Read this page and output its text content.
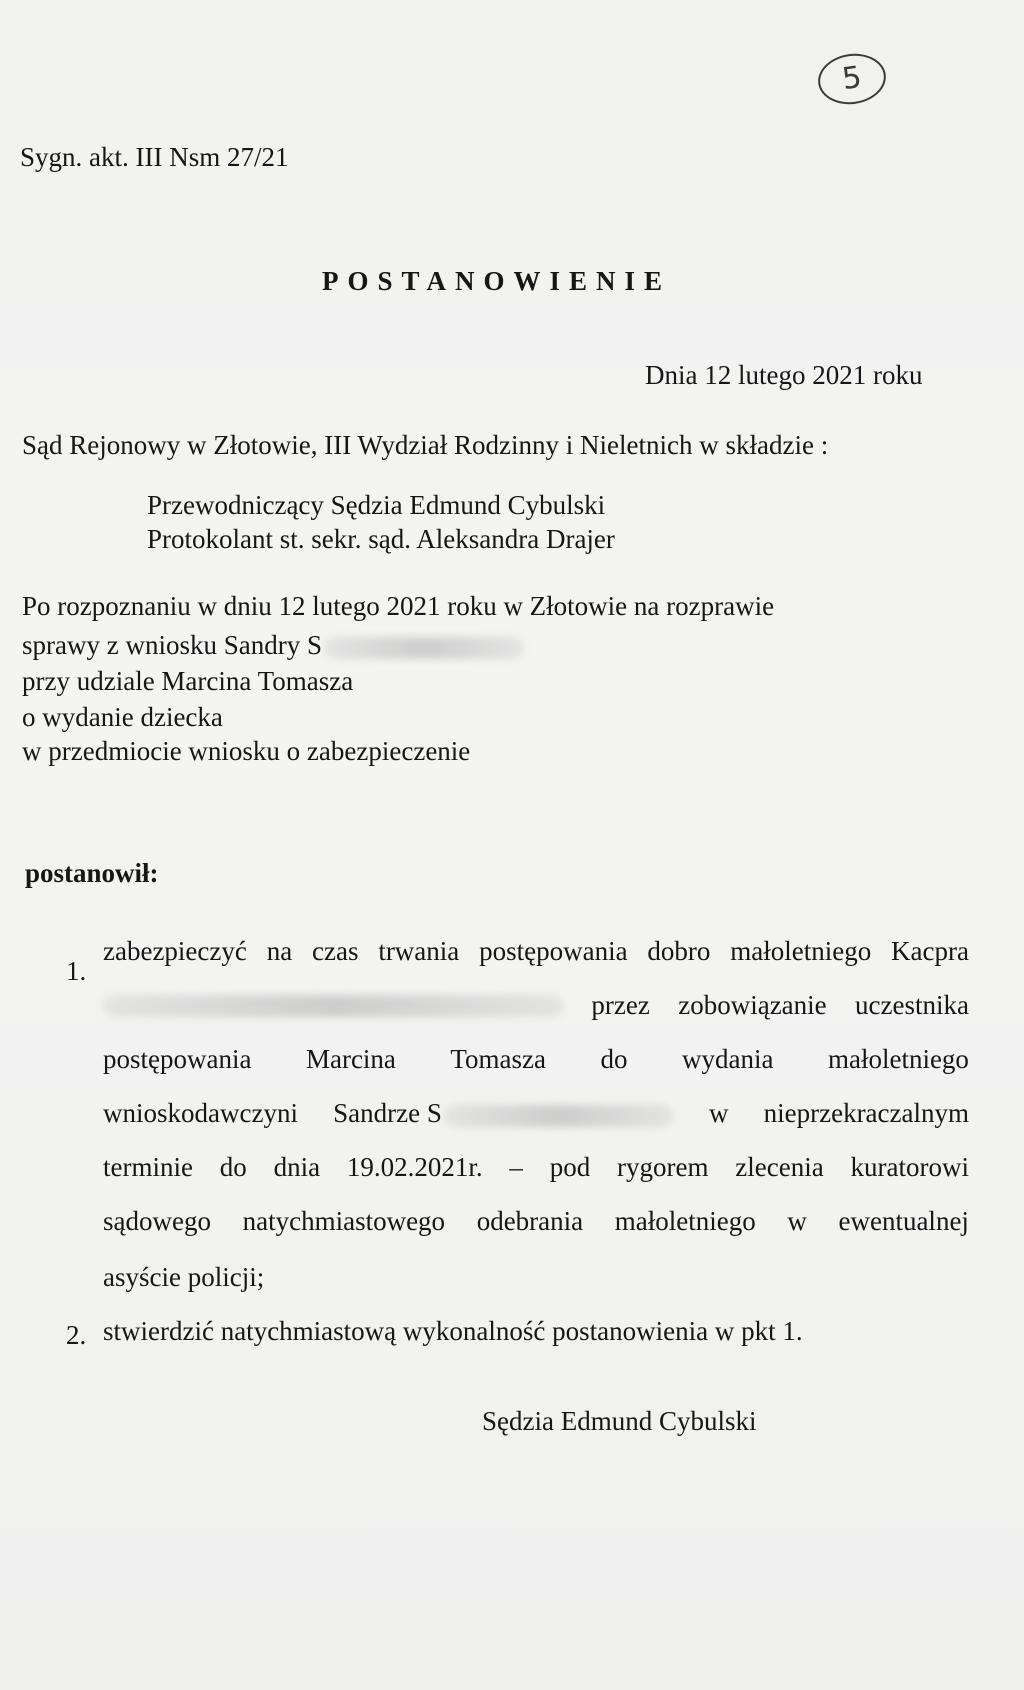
5
Sygn. akt. III Nsm 27/21
POSTANOWIENIE
Dnia 12 lutego 2021 roku
Sąd Rejonowy w Złotowie, III Wydział Rodzinny i Nieletnich w składzie :
Przewodniczący Sędzia Edmund Cybulski
Protokolant st. sekr. sąd. Aleksandra Drajer
Po rozpoznaniu w dniu 12 lutego 2021 roku w Złotowie na rozprawie
sprawy z wniosku Sandry S
przy udziale Marcina Tomasza
o wydanie dziecka
w przedmiocie wniosku o zabezpieczenie
postanowił:
1.
zabezpieczyć na czas trwania postępowania dobro małoletniego Kacpra
przez zobowiązanie uczestnika
postępowania Marcina Tomasza do wydania małoletniego
wnioskodawczyni Sandrze S	w nieprzekraczalnym
terminie do dnia 19.02.2021r. – pod rygorem zlecenia kuratorowi
sądowego natychmiastowego odebrania małoletniego w ewentualnej
asyście policji;
2. stwierdzić natychmiastową wykonalność postanowienia w pkt 1.
Sędzia Edmund Cybulski
